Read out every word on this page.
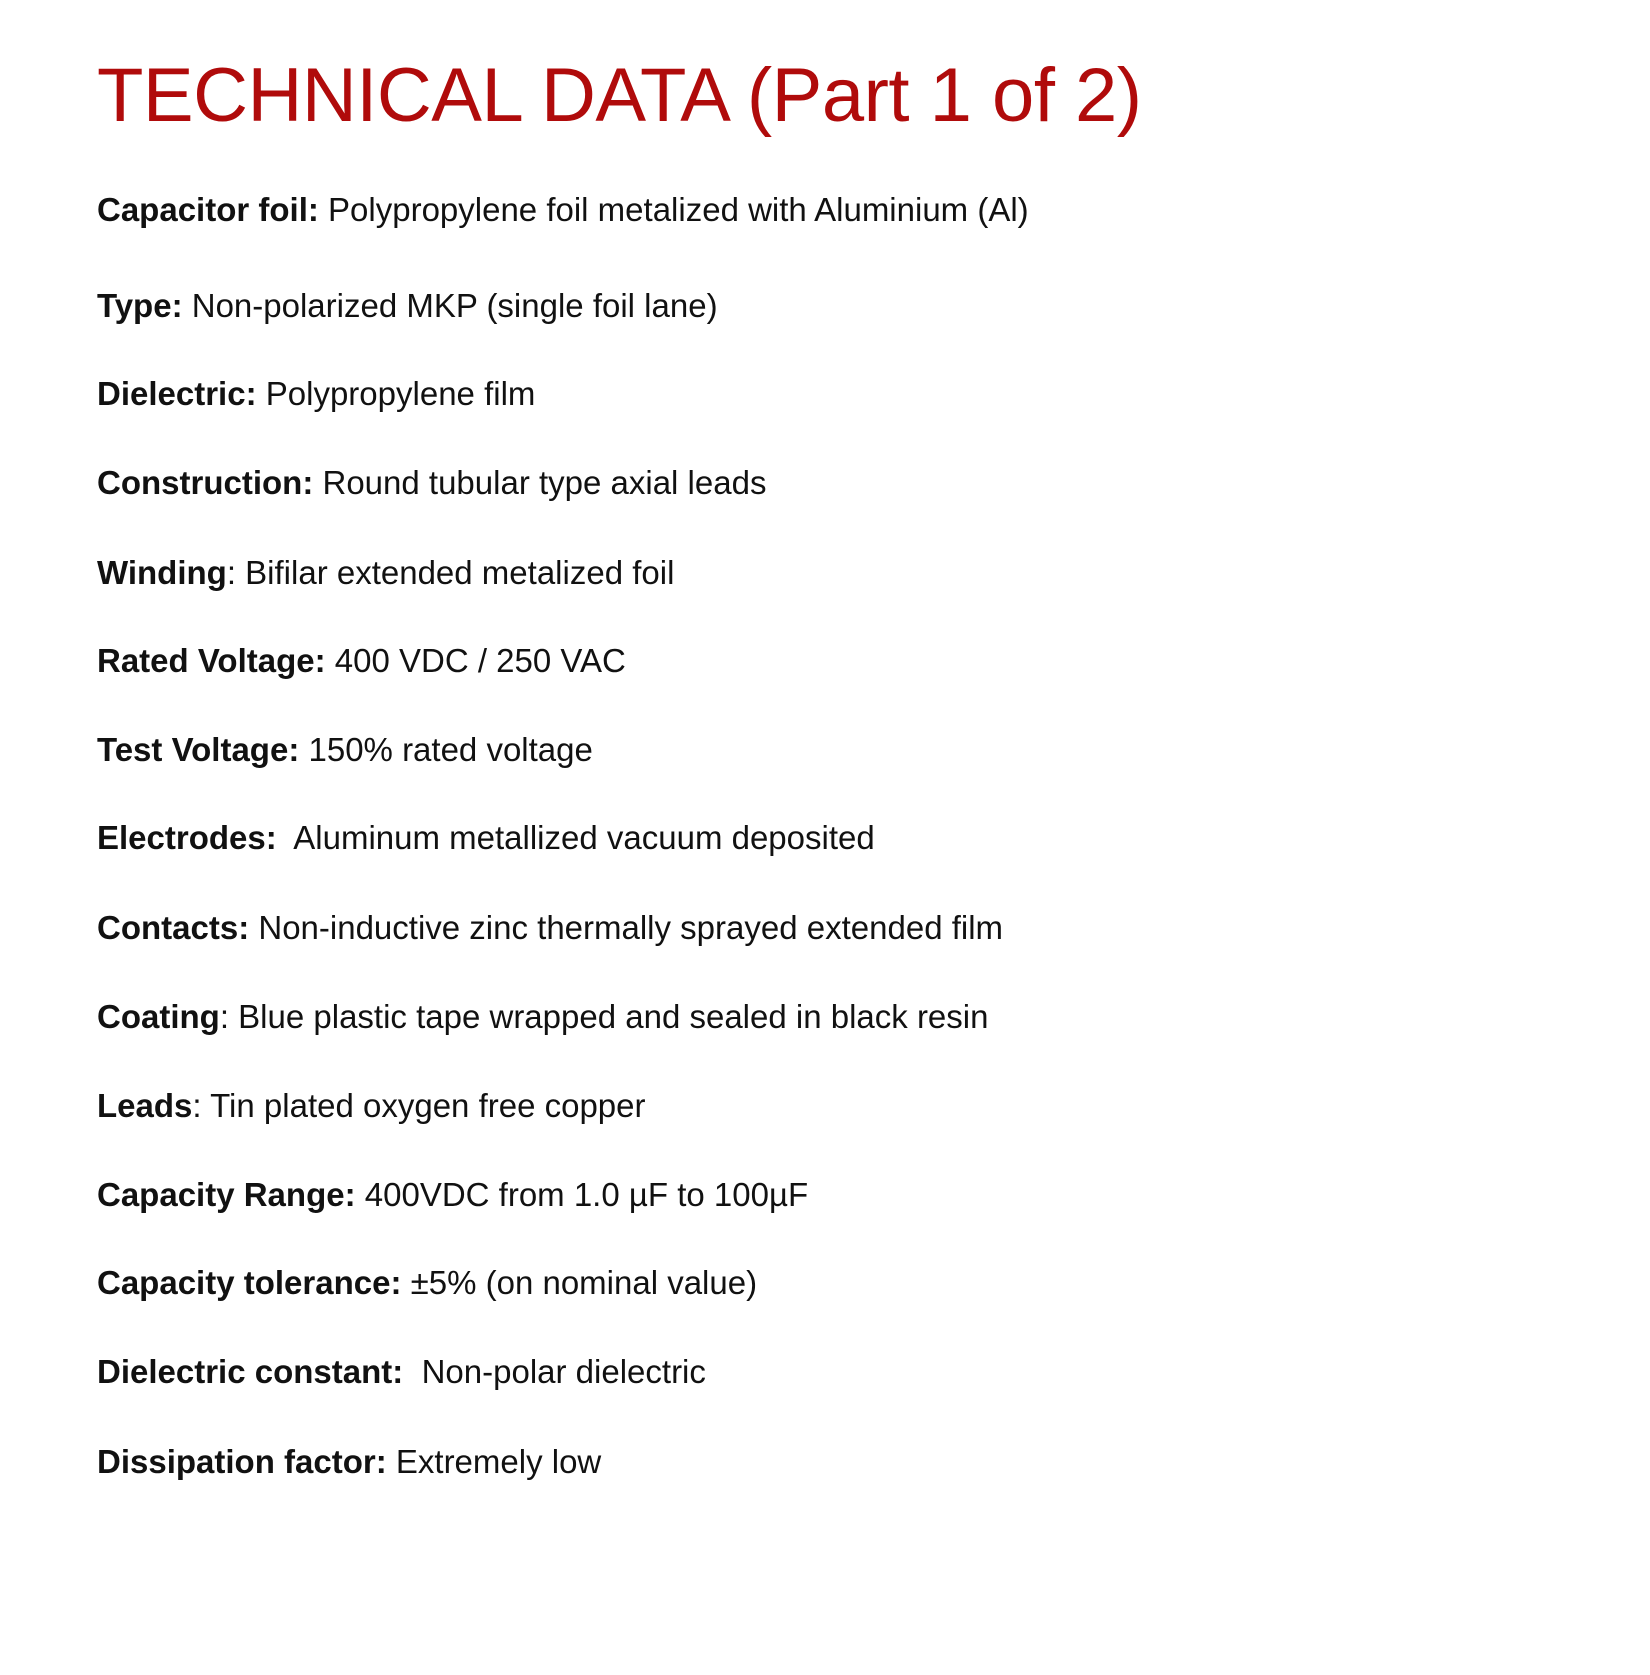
TECHNICAL DATA (Part 1 of 2)

Capacitor foil: Polypropylene foil metalized with Aluminium (Al)

Type: Non-polarized MKP (single foil lane)

Dielectric: Polypropylene film

Construction: Round tubular type axial leads

Winding: Bifilar extended metalized foil

Rated Voltage: 400 VDC / 250 VAC

Test Voltage: 150% rated voltage

Electrodes:  Aluminum metallized vacuum deposited

Contacts: Non-inductive zinc thermally sprayed extended film

Coating: Blue plastic tape wrapped and sealed in black resin

Leads: Tin plated oxygen free copper

Capacity Range: 400VDC from 1.0 µF to 100µF

Capacity tolerance: ±5% (on nominal value)

Dielectric constant:  Non-polar dielectric

Dissipation factor: Extremely low
